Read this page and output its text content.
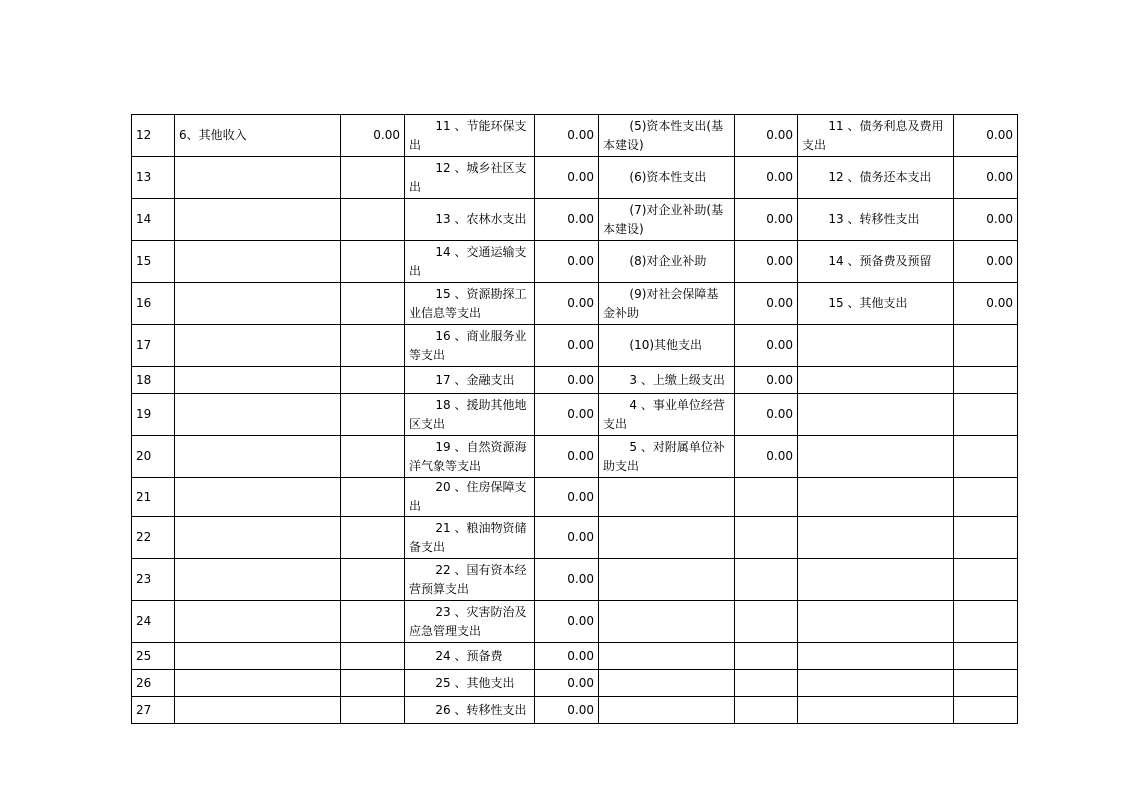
12	6、其他收入	0.00	11 、节能环保支出	0.00	(5)资本性支出(基本建设)	0.00	11 、债务利息及费用支出	0.00
13			12 、城乡社区支出	0.00	(6)资本性支出	0.00	12 、债务还本支出	0.00
14			13 、农林水支出	0.00	(7)对企业补助(基本建设)	0.00	13 、转移性支出	0.00
15			14 、交通运输支出	0.00	(8)对企业补助	0.00	14 、预备费及预留	0.00
16			15 、资源勘探工业信息等支出	0.00	(9)对社会保障基金补助	0.00	15 、其他支出	0.00
17			16 、商业服务业等支出	0.00	(10)其他支出	0.00	

18			17 、金融支出	0.00	3 、上缴上级支出	0.00	

19			18 、援助其他地区支出	0.00	4 、事业单位经营支出	0.00	

20			19 、自然资源海洋气象等支出	0.00	5 、对附属单位补助支出	0.00	

21			20 、住房保障支出	0.00	

22			21 、粮油物资储备支出	0.00	

23			22 、国有资本经营预算支出	0.00	

24			23 、灾害防治及应急管理支出	0.00	

25			24 、预备费	0.00	

26			25 、其他支出	0.00	

27			26 、转移性支出	0.00	
